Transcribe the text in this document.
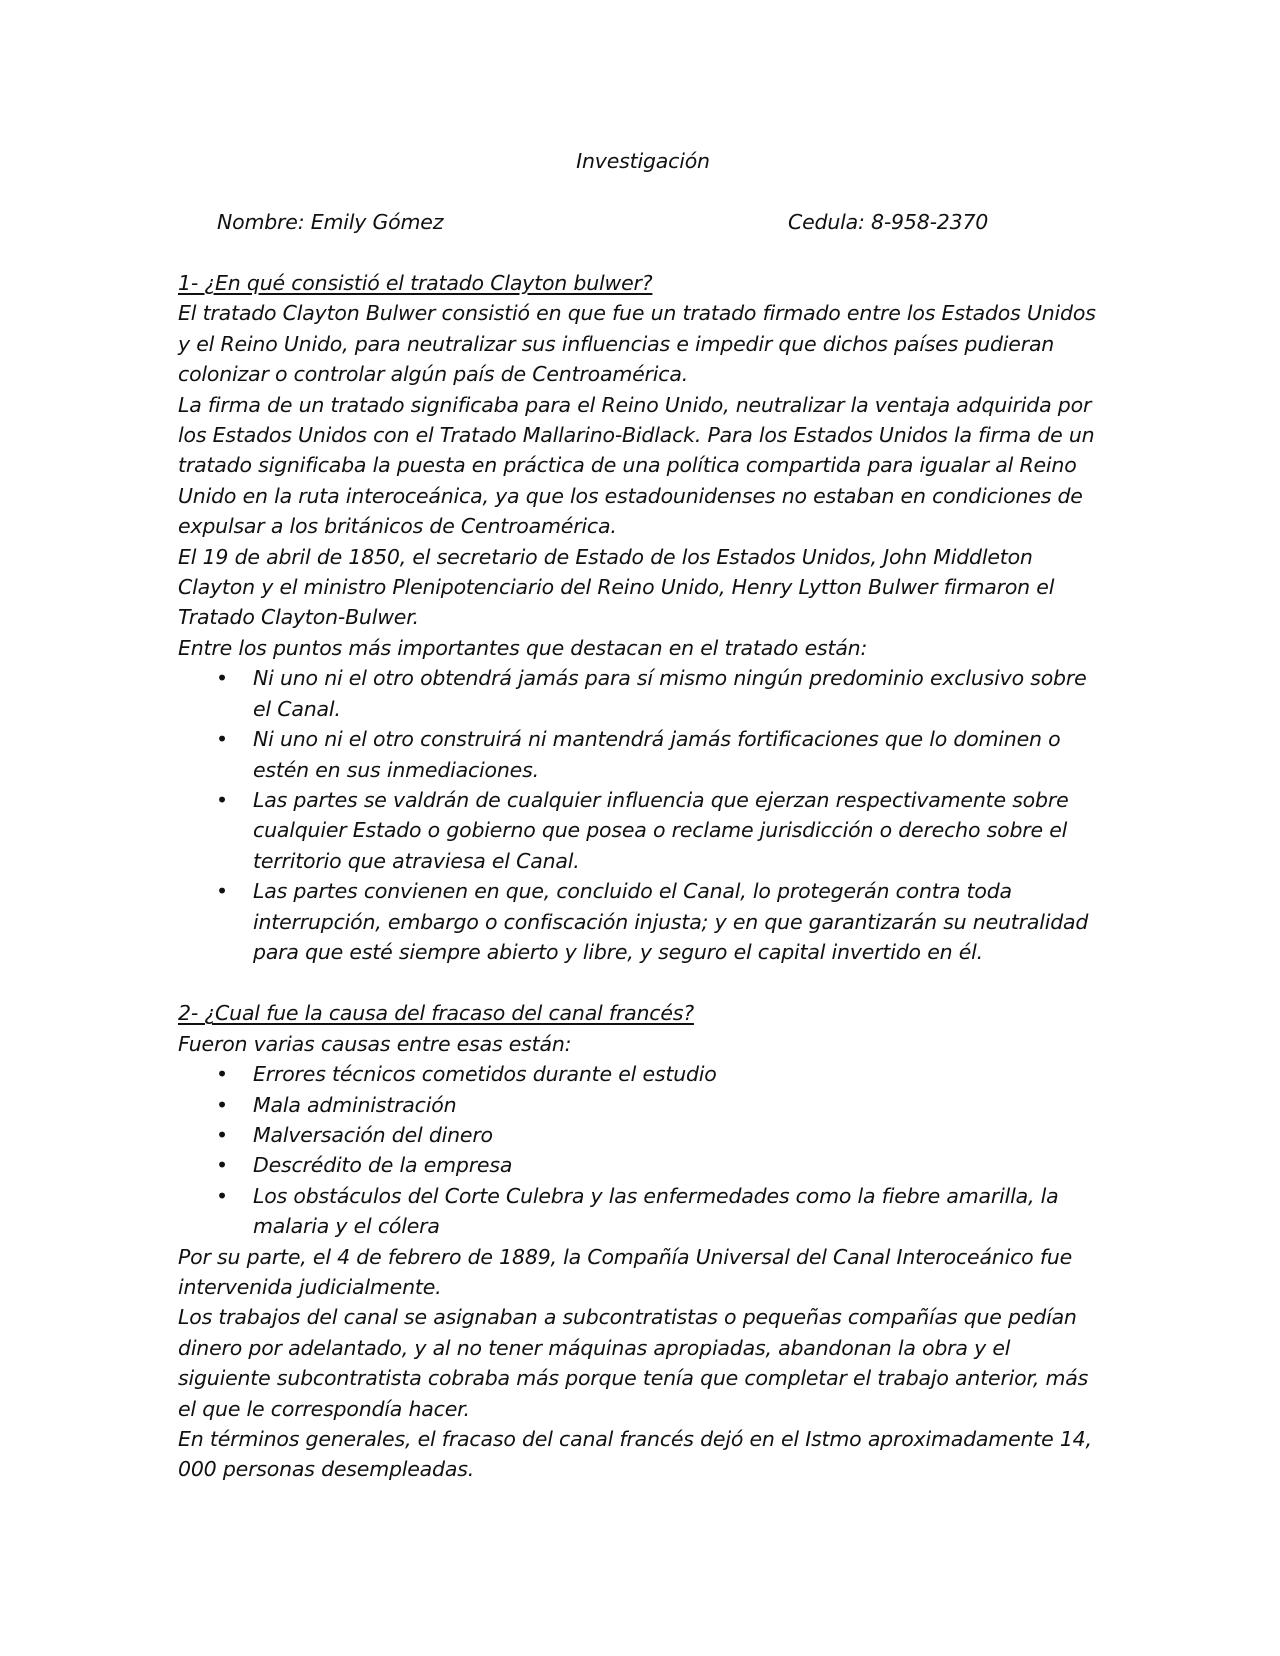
Investigación
Nombre: Emily Gómez	Cedula: 8-958-2370

1- ¿En qué consistió el tratado Clayton bulwer?

El tratado Clayton Bulwer consistió en que fue un tratado firmado entre los Estados Unidos y el Reino Unido, para neutralizar sus influencias e impedir que dichos países pudieran colonizar o controlar algún país de Centroamérica.

La firma de un tratado significaba para el Reino Unido, neutralizar la ventaja adquirida por los Estados Unidos con el Tratado Mallarino-Bidlack. Para los Estados Unidos la firma de un tratado significaba la puesta en práctica de una política compartida para igualar al Reino Unido en la ruta interoceánica, ya que los estadounidenses no estaban en condiciones de expulsar a los británicos de Centroamérica.

El 19 de abril de 1850, el secretario de Estado de los Estados Unidos, John Middleton Clayton y el ministro Plenipotenciario del Reino Unido, Henry Lytton Bulwer firmaron el Tratado Clayton-Bulwer.

Entre los puntos más importantes que destacan en el tratado están:

• Ni uno ni el otro obtendrá jamás para sí mismo ningún predominio exclusivo sobre el Canal.
• Ni uno ni el otro construirá ni mantendrá jamás fortificaciones que lo dominen o estén en sus inmediaciones.
• Las partes se valdrán de cualquier influencia que ejerzan respectivamente sobre cualquier Estado o gobierno que posea o reclame jurisdicción o derecho sobre el territorio que atraviesa el Canal.
• Las partes convienen en que, concluido el Canal, lo protegerán contra toda interrupción, embargo o confiscación injusta; y en que garantizarán su neutralidad para que esté siempre abierto y libre, y seguro el capital invertido en él.

2- ¿Cual fue la causa del fracaso del canal francés?

Fueron varias causas entre esas están:

• Errores técnicos cometidos durante el estudio
• Mala administración
• Malversación del dinero
• Descrédito de la empresa
• Los obstáculos del Corte Culebra y las enfermedades como la fiebre amarilla, la malaria y el cólera

Por su parte, el 4 de febrero de 1889, la Compañía Universal del Canal Interoceánico fue intervenida judicialmente.

Los trabajos del canal se asignaban a subcontratistas o pequeñas compañías que pedían dinero por adelantado, y al no tener máquinas apropiadas, abandonan la obra y el siguiente subcontratista cobraba más porque tenía que completar el trabajo anterior, más el que le correspondía hacer.

En términos generales, el fracaso del canal francés dejó en el Istmo aproximadamente 14, 000 personas desempleadas.
